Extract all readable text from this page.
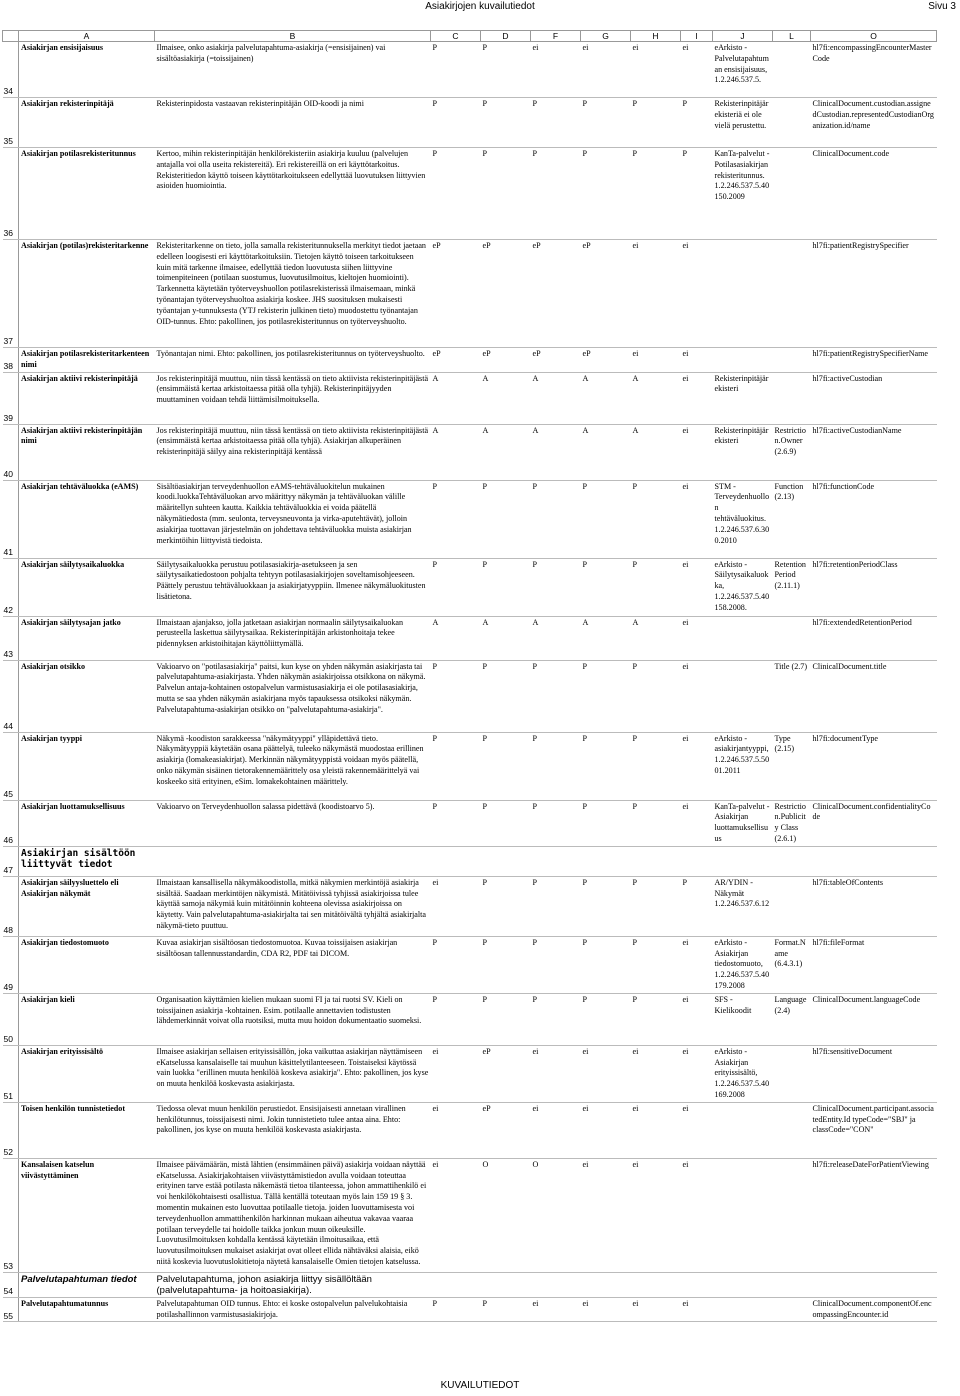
Asiakirjojen kuvailutiedot	Sivu 3
	A	B	C	D	F	G	H	I	J	L	O
34	Asiakirjan ensisijaisuus	Ilmaisee, onko asiakirja palvelutapahtuma-asiakirja (=ensisijainen) vai sisältöasiakirja (=toissijainen)	P	P	ei	ei	ei	ei	eArkisto - Palvelutapahtuman ensisijaisuus, 1.2.246.537.5.		hl7fi:encompassingEncounterMasterCode
35	Asiakirjan rekisterinpitäjä	Rekisterinpidosta vastaavan rekisterinpitäjän OID-koodi ja nimi	P	P	P	P	P	P	Rekisterinpitäjärekisteriä ei ole vielä perustettu.		ClinicalDocument.custodian.assignedCustodian.representedCustodianOrganization.id/name
36	Asiakirjan potilasrekisteritunnus	Kertoo, mihin rekisterinpitäjän henkilörekisteriin asiakirja kuuluu (palvelujen antajalla voi olla useita rekistereitä). Eri rekistereillä on eri käyttötarkoitus. Rekisteritiedon käyttö toiseen käyttötarkoitukseen edellyttää luovutuksen liittyvien asioiden huomiointia.	P	P	P	P	P	P	KanTa-palvelut - Potilasasiakirjan rekisteritunnus. 1.2.246.537.5.40150.2009		ClinicalDocument.code
37	Asiakirjan (potilas)rekisteritarkenne	Rekisteritarkenne on tieto, jolla samalla rekisteritunnuksella merkityt tiedot jaetaan edelleen loogisesti eri käyttötarkoituksiin. Tietojen käyttö toiseen tarkoitukseen kuin mitä tarkenne ilmaisee, edellyttää tiedon luovutusta siihen liittyvine toimenpiteineen (potilaan suostumus, luovutusilmoitus, kieltojen huomiointi). Tarkennetta käytetään työterveyshuollon potilasrekisterissä ilmaisemaan, minkä työnantajan työterveyshuoltoa asiakirja koskee. JHS suosituksen mukaisesti työantajan y-tunnuksesta (YTJ rekisterin julkinen tieto) muodostettu työnantajan OID-tunnus. Ehto: pakollinen, jos potilasrekisteritunnus on työterveyshuolto.	eP	eP	eP	eP	ei	ei			hl7fi:patientRegistrySpecifier
38	Asiakirjan potilasrekisteritarkenteen nimi	Työnantajan nimi. Ehto: pakollinen, jos potilasrekisteritunnus on työterveyshuolto.	eP	eP	eP	eP	ei	ei			hl7fi:patientRegistrySpecifierName
39	Asiakirjan aktiivi rekisterinpitäjä	Jos rekisterinpitäjä muuttuu, niin tässä kentässä on tieto aktiivista rekisterinpitäjästä (ensimmäistä kertaa arkistoitaessa pitää olla tyhjä). Rekisterinpitäjyyden muuttaminen voidaan tehdä liittämisilmoituksella.	A	A	A	A	A	ei	Rekisterinpitäjärekisteri		hl7fi:activeCustodian
40	Asiakirjan aktiivi rekisterinpitäjän nimi	Jos rekisterinpitäjä muuttuu, niin tässä kentässä on tieto aktiivista rekisterinpitäjästä (ensimmäistä kertaa arkistoitaessa pitää olla tyhjä). Asiakirjan alkuperäinen rekisterinpitäjä säilyy aina rekisterinpitäjä kentässä	A	A	A	A	A	ei	Rekisterinpitäjärekisteri	Restriction.Owner (2.6.9)	hl7fi:activeCustodianName
41	Asiakirjan tehtäväluokka (eAMS)	Sisältöasiakirjan terveydenhuollon eAMS-tehtäväluokitelun mukainen koodi.luokkaTehtäväluokan arvo määrittyy näkymän ja tehtäväluokan välille määritellyn suhteen kautta. Kaikkia tehtäväluokkia ei voida päätellä näkymätiedosta (mm. seulonta, terveysneuvonta ja virka-aputehtävät), jolloin asiakirjaa tuottavan järjestelmän on johdettava tehtäväluokka muista asiakirjan merkintöihin liittyvistä tiedoista.	P	P	P	P	P	ei	STM - Terveydenhuollon tehtäväluokitus. 1.2.246.537.6.300.2010	Function (2.13)	hl7fi:functionCode
42	Asiakirjan säilytysaikaluokka	Säilytysaikaluokka perustuu potilasasiakirja-asetukseen ja sen säilytysaikatiedostoon pohjalta tehtyyn potilasasiakirjojen soveltamisohjeeseen. Päättely perustuu tehtäväluokkaan ja asiakirjatyyppiin. Ilmenee näkymäluokitusten lisätietona.	P	P	P	P	P	ei	eArkisto - Säilytysaikaluokka, 1.2.246.537.5.40158.2008.	Retention Period (2.11.1)	hl7fi:retentionPeriodClass
43	Asiakirjan säilytysajan jatko	Ilmaistaan ajanjakso, jolla jatketaan asiakirjan normaalin säilytysaikaluokan perusteella laskettua säilytysaikaa. Rekisterinpitäjän arkistonhoitaja tekee pidennyksen arkistoihitajan käyttöliittymällä.	A	A	A	A	A	ei			hl7fi:extendedRetentionPeriod
44	Asiakirjan otsikko	Vakioarvo on "potilasasiakirja" paitsi, kun kyse on yhden näkymän asiakirjasta tai palvelutapahtuma-asiakirjasta. Yhden näkymän asiakirjoissa otsikkona on näkymä. Palvelun antaja-kohtainen ostopalvelun varmistusasiakirja ei ole potilasasiakirja, mutta se saa yhden näkymän asiakirjana myös tapauksessa otsikoksi näkymän. Palvelutapahtuma-asiakirjan otsikko on "palvelutapahtuma-asiakirja".	P	P	P	P	P	ei		Title (2.7)	ClinicalDocument.title
45	Asiakirjan tyyppi	Näkymä -koodiston sarakkeessa "näkymätyyppi" ylläpidettävä tieto. Näkymätyyppiä käytetään osana päättelyä, tuleeko näkymästä muodostaa erillinen asiakirja (lomakeasiakirjat). Merkinnän näkymätyyppistä voidaan myös päätellä, onko näkymän sisäinen tietorakennemäärittely osa yleistä rakennemäärittelyä vai koskeeko sitä erityinen, eSim. lomakekohtainen määrittely.	P	P	P	P	P	ei	eArkisto - asiakirjantyyppi, 1.2.246.537.5.5001.2011	Type (2.15)	hl7fi:documentType
46	Asiakirjan luottamuksellisuus	Vakioarvo on Terveydenhuollon salassa pidettävä (koodistoarvo 5).	P	P	P	P	P	ei	KanTa-palvelut - Asiakirjan luottamuksellisuus	Restriction.Publicity Class (2.6.1)	ClinicalDocument.confidentialityCode
47	Asiakirjan sisältöön liittyvät tiedot										
48	Asiakirjan säilyysluettelo eli Asiakirjan näkymät	Ilmaistaan kansallisella näkymäkoodistolla, mitkä näkymien merkintöjä asiakirja sisältää. Saadaan merkintöjen näkymistä. Mitätöivissä tyhjissä asiakirjoissa tulee käyttää samoja näkymiä kuin mitätöinnin kohteena olevissa asiakirjoissa on käytetty. Vain palvelutapahtuma-asiakirjalta tai sen mitätöivältä tyhjältä asiakirjalta näkymä-tieto puuttuu.	ei	P	P	P	P	P	AR/YDIN - Näkymät 1.2.246.537.6.12		hl7fi:tableOfContents
49	Asiakirjan tiedostomuoto	Kuvaa asiakirjan sisältöosan tiedostomuotoa. Kuvaa toissijaisen asiakirjan sisältöosan tallennusstandardin, CDA R2, PDF tai DICOM.	P	P	P	P	P	ei	eArkisto - Asiakirjan tiedostomuoto, 1.2.246.537.5.40179.2008	Format.Name (6.4.3.1)	hl7fi:fileFormat
50	Asiakirjan kieli	Organisaation käyttämien kielien mukaan suomi FI ja tai ruotsi SV. Kieli on toissijainen asiakirja -kohtainen. Esim. potilaalle annettavien todistusten lähdemerkinnät voivat olla ruotsiksi, mutta muu hoidon dokumentaatio suomeksi.	P	P	P	P	P	ei	SFS - Kielikoodit	Language (2.4)	ClinicalDocument.languageCode
51	Asiakirjan erityissisältö	Ilmaisee asiakirjan sellaisen erityissisällön, joka vaikuttaa asiakirjan näyttämiseen eKatselussa kansalaiselle tai muuhun käsittelytilanteeseen. Toistaiseksi käytössä vain luokka "erillinen muuta henkilöä koskeva asiakirja". Ehto: pakollinen, jos kyse on muuta henkilöä koskevasta asiakirjasta.	ei	eP	ei	ei	ei	ei	eArkisto - Asiakirjan erityissisältö, 1.2.246.537.5.40169.2008		hl7fi:sensitiveDocument
52	Toisen henkilön tunnistetiedot	Tiedossa olevat muun henkilön perustiedot. Ensisijaisesti annetaan virallinen henkilötunnus, toissijaisesti nimi. Jokin tunnistetieto tulee antaa aina. Ehto: pakollinen, jos kyse on muuta henkilöä koskevasta asiakirjasta.	ei	eP	ei	ei	ei	ei			ClinicalDocument.participant.associatedEntity.Id typeCode="SBJ" ja classCode="CON"
53	Kansalaisen katselun viivästyttäminen	Ilmaisee päivämäärän, mistä lähtien (ensimmäinen päivä) asiakirja voidaan näyttää eKatselussa. Asiakirjakohtaisen viivästyttämistiedon avulla voidaan toteuttaa erityinen tarve estää potilasta näkemästä tietoa tilanteessa, johon ammattihenkilö ei voi henkilökohtaisesti osallistua. Tällä kentällä toteutaan myös lain 159 19 § 3. momentin mukainen esto luovuttaa potilaalle tietoja. joiden luovuttamisesta voi terveydenhuollon ammattihenkilön harkinnan mukaan aiheutua vakavaa vaaraa potilaan terveydelle tai hoidolle taikka jonkun muun oikeuksille. Luovutusilmoituksen kohdalla kentässä käytetään ilmoitusaikaa, että luovutusilmoituksen mukaiset asiakirjat ovat olleet ellida nähtäväksi alaisia, eikö niitä koskevia luovutuslokitietoja näytetä kansalaiselle Omien tietojen katselussa.	ei	O	O	ei	ei	ei			hl7fi:releaseDateForPatientViewing
54	Palvelutapahtuman tiedot	Palvelutapahtuma, johon asiakirja liittyy sisällöltään (palvelutapahtuma- ja hoitoasiakirja).									
55	Palvelutapahtumatunnus	Palvelutapahtuman OID tunnus. Ehto: ei koske ostopalvelun palvelukohtaisia potilashallinnon varmistusasiakirjoja.	P	P	ei	ei	ei	ei			ClinicalDocument.componentOf.encompassingEncounter.id
KUVAILUTIEDOT
